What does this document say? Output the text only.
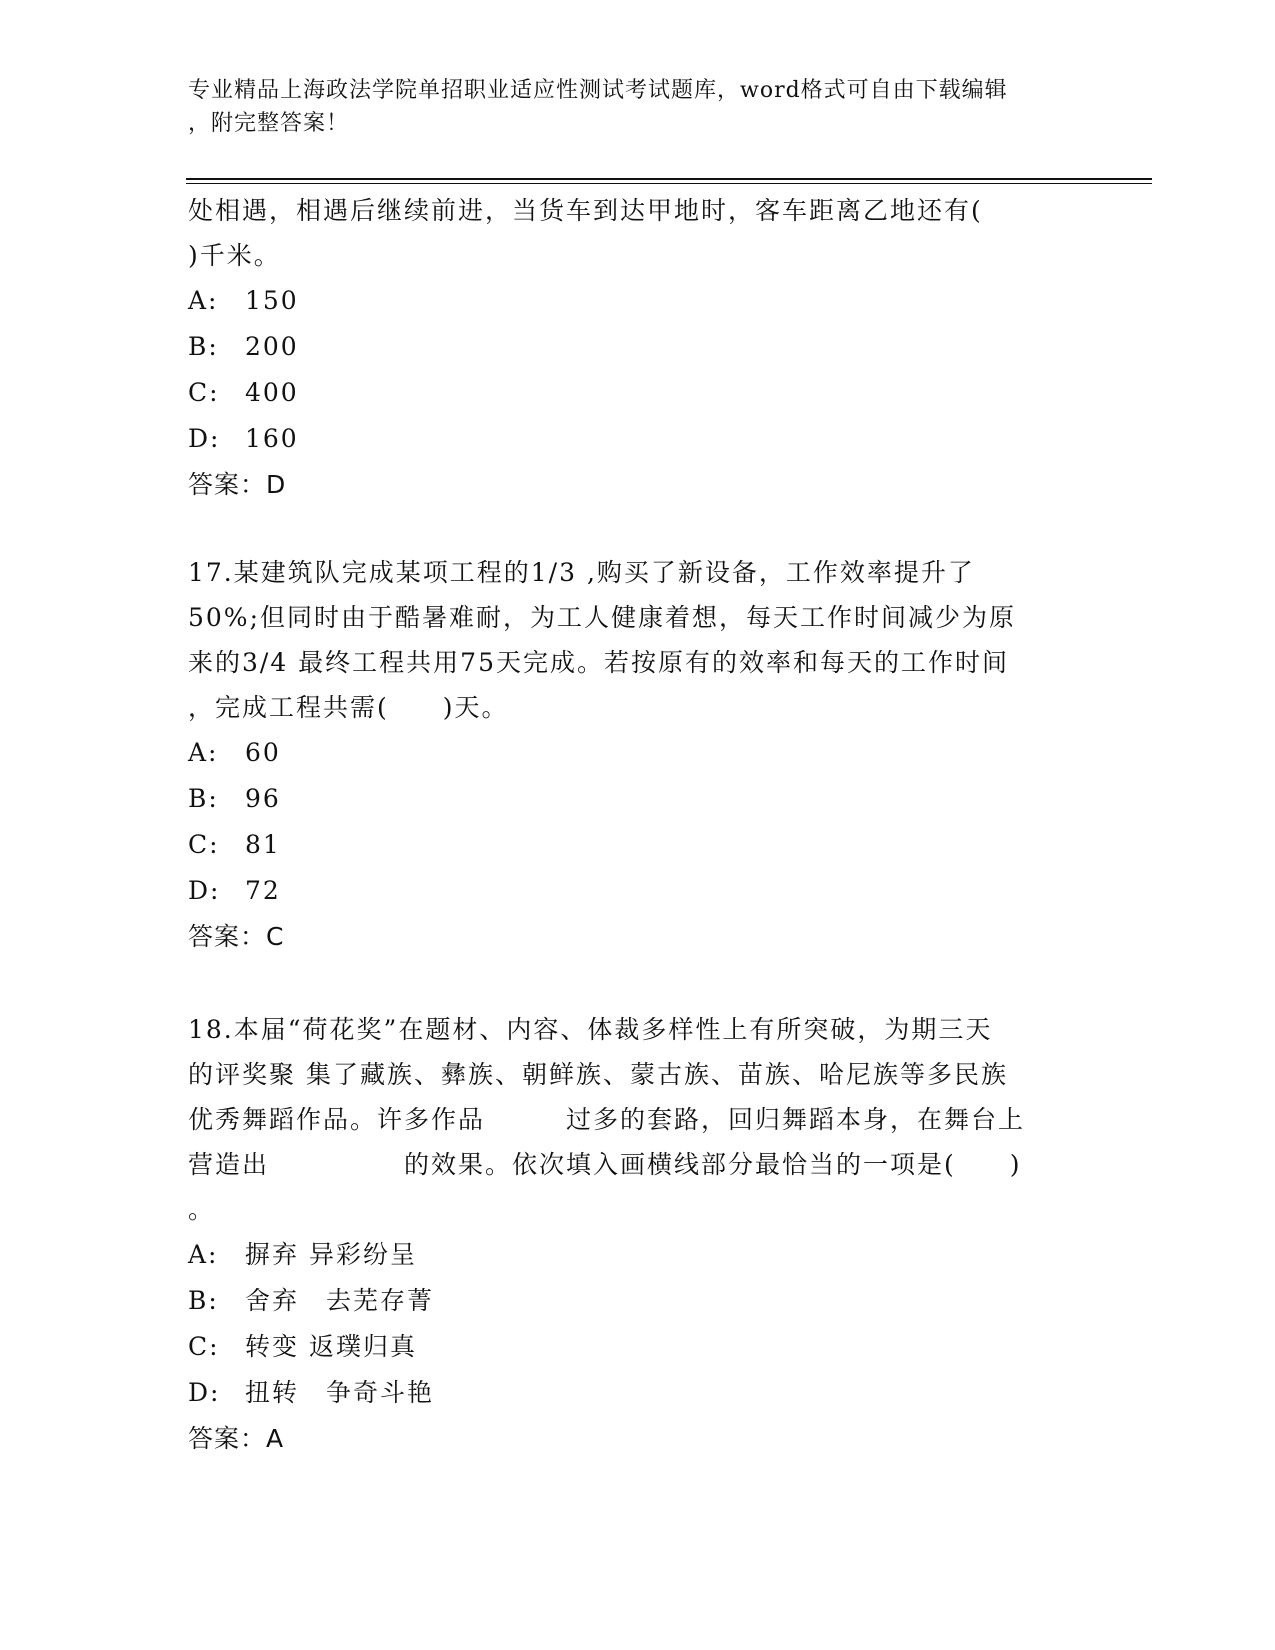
专业精品上海政法学院单招职业适应性测试考试题库，word格式可自由下载编辑
，附完整答案！
处相遇，相遇后继续前进，当货车到达甲地时，客车距离乙地还有(
)千米。
A: 150
B: 200
C: 400
D: 160
答案：D
17.某建筑队完成某项工程的1/3 ,购买了新设备，工作效率提升了
50%;但同时由于酷暑难耐，为工人健康着想，每天工作时间减少为原
来的3/4 最终工程共用75天完成。若按原有的效率和每天的工作时间
，完成工程共需(　　)天。
A: 60
B: 96
C: 81
D: 72
答案：C
18.本届“荷花奖”在题材、内容、体裁多样性上有所突破，为期三天
的评奖聚 集了藏族、彝族、朝鲜族、蒙古族、苗族、哈尼族等多民族
优秀舞蹈作品。许多作品　　　过多的套路，回归舞蹈本身，在舞台上
营造出　　　　　的效果。依次填入画横线部分最恰当的一项是(　　)
。
A: 摒弃 异彩纷呈
B: 舍弃　去芜存菁
C: 转变 返璞归真
D: 扭转　争奇斗艳
答案：A
